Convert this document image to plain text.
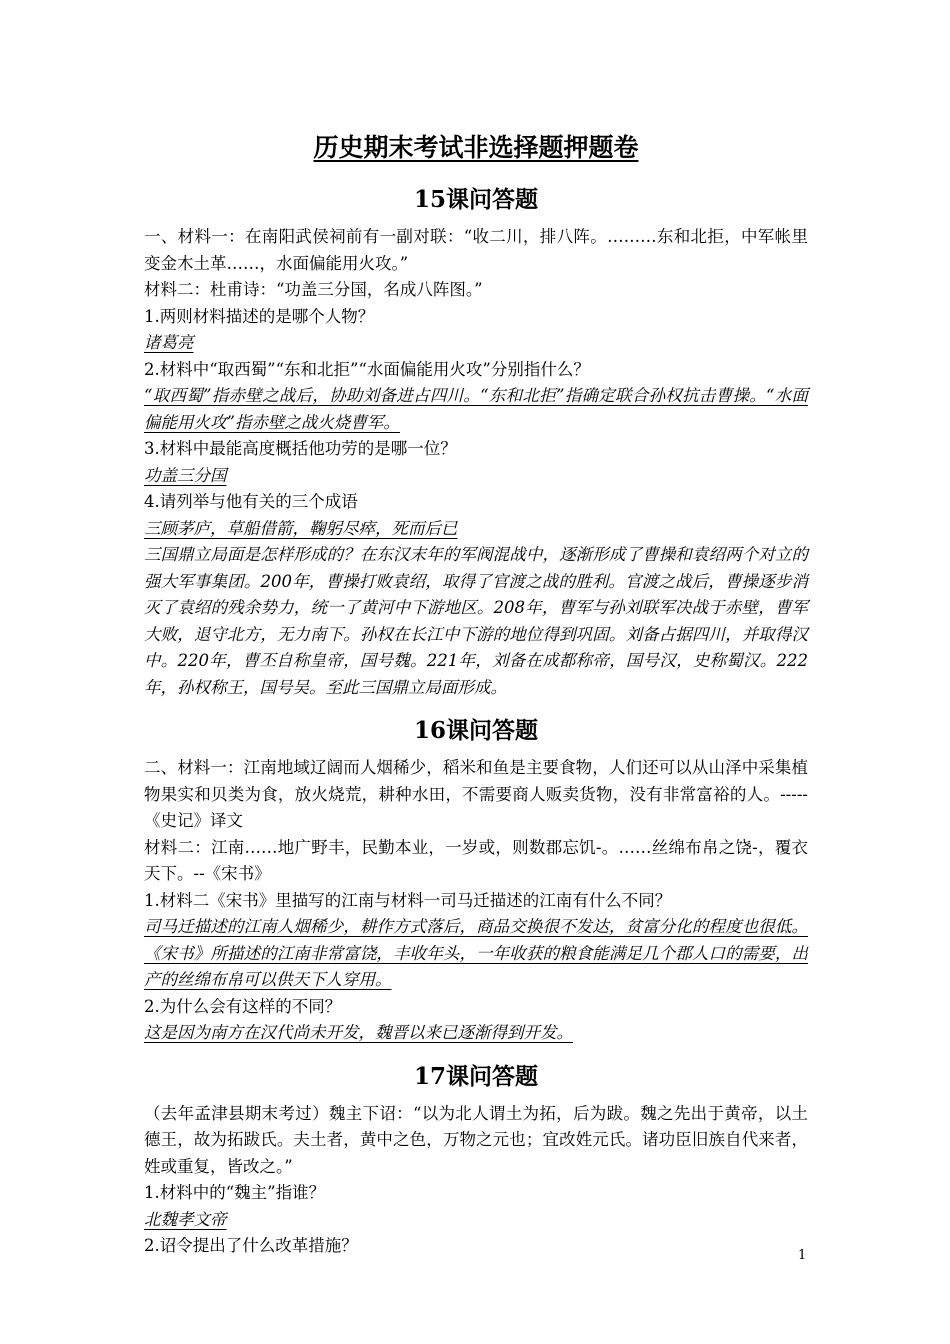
历史期末考试非选择题押题卷
15课问答题

一、材料一：在南阳武侯祠前有一副对联：“收二川，排八阵。………东和北拒，中军帐里变金木土革……，水面偏能用火攻。”

材料二：杜甫诗：“功盖三分国，名成八阵图。”

1.两则材料描述的是哪个人物？

诸葛亮

2.材料中“取西蜀”“东和北拒”“水面偏能用火攻”分别指什么？

“取西蜀”指赤壁之战后，协助刘备进占四川。“东和北拒”指确定联合孙权抗击曹操。“水面偏能用火攻”指赤壁之战火烧曹军。

3.材料中最能高度概括他功劳的是哪一位？

功盖三分国

4.请列举与他有关的三个成语

三顾茅庐，草船借箭，鞠躬尽瘁，死而后已

三国鼎立局面是怎样形成的？在东汉末年的军阀混战中，逐渐形成了曹操和袁绍两个对立的强大军事集团。200年，曹操打败袁绍，取得了官渡之战的胜利。官渡之战后，曹操逐步消灭了袁绍的残余势力，统一了黄河中下游地区。208年，曹军与孙刘联军决战于赤壁，曹军大败，退守北方，无力南下。孙权在长江中下游的地位得到巩固。刘备占据四川，并取得汉中。220年，曹丕自称皇帝，国号魏。221年，刘备在成都称帝，国号汉，史称蜀汉。222年，孙权称王，国号吴。至此三国鼎立局面形成。

16课问答题

二、材料一：江南地域辽阔而人烟稀少，稻米和鱼是主要食物，人们还可以从山泽中采集植物果实和贝类为食，放火烧荒，耕种水田，不需要商人贩卖货物，没有非常富裕的人。-----《史记》译文

材料二：江南……地广野丰，民勤本业，一岁或，则数郡忘饥-。……丝绵布帛之饶-，覆衣天下。--《宋书》

1.材料二《宋书》里描写的江南与材料一司马迁描述的江南有什么不同？

司马迁描述的江南人烟稀少，耕作方式落后，商品交换很不发达，贫富分化的程度也很低。《宋书》所描述的江南非常富饶，丰收年头，一年收获的粮食能满足几个郡人口的需要，出产的丝绵布帛可以供天下人穿用。

2.为什么会有这样的不同？

这是因为南方在汉代尚未开发，魏晋以来已逐渐得到开发。

17课问答题

（去年孟津县期末考过）魏主下诏：“以为北人谓土为拓，后为跋。魏之先出于黄帝，以土德王，故为拓跋氏。夫土者，黄中之色，万物之元也；宜改姓元氏。诸功臣旧族自代来者，姓或重复，皆改之。”

1.材料中的“魏主”指谁？

北魏孝文帝

2.诏令提出了什么改革措施？

1
